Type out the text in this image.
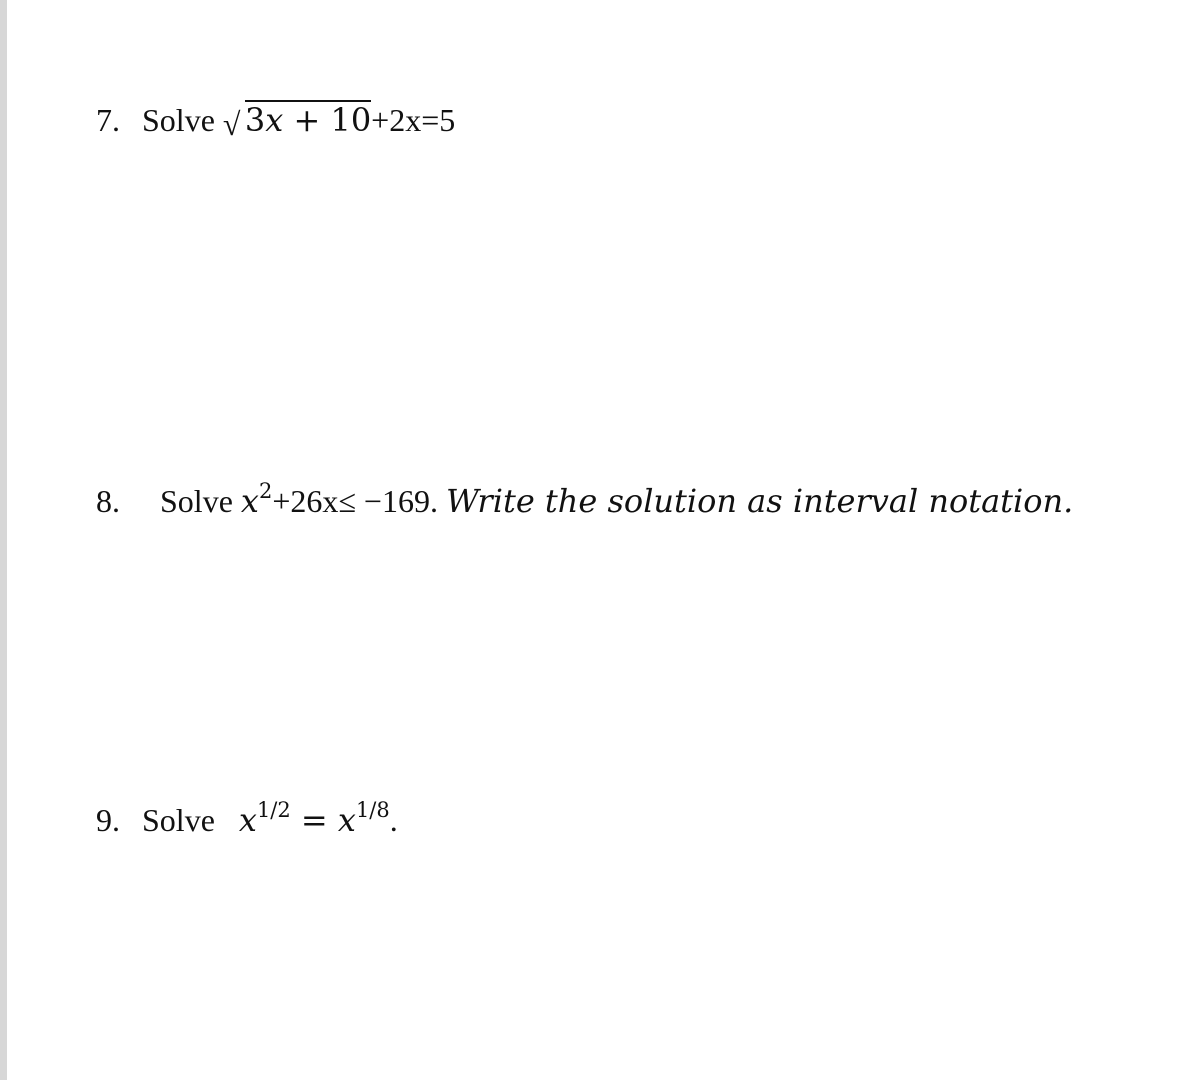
7. Solve √ 3x + 10+2x=5
8. Solve $x^2+26x\le -169$. Write the solution as interval notation.
9. Solve $x^{1/2} = x^{1/8}$.
